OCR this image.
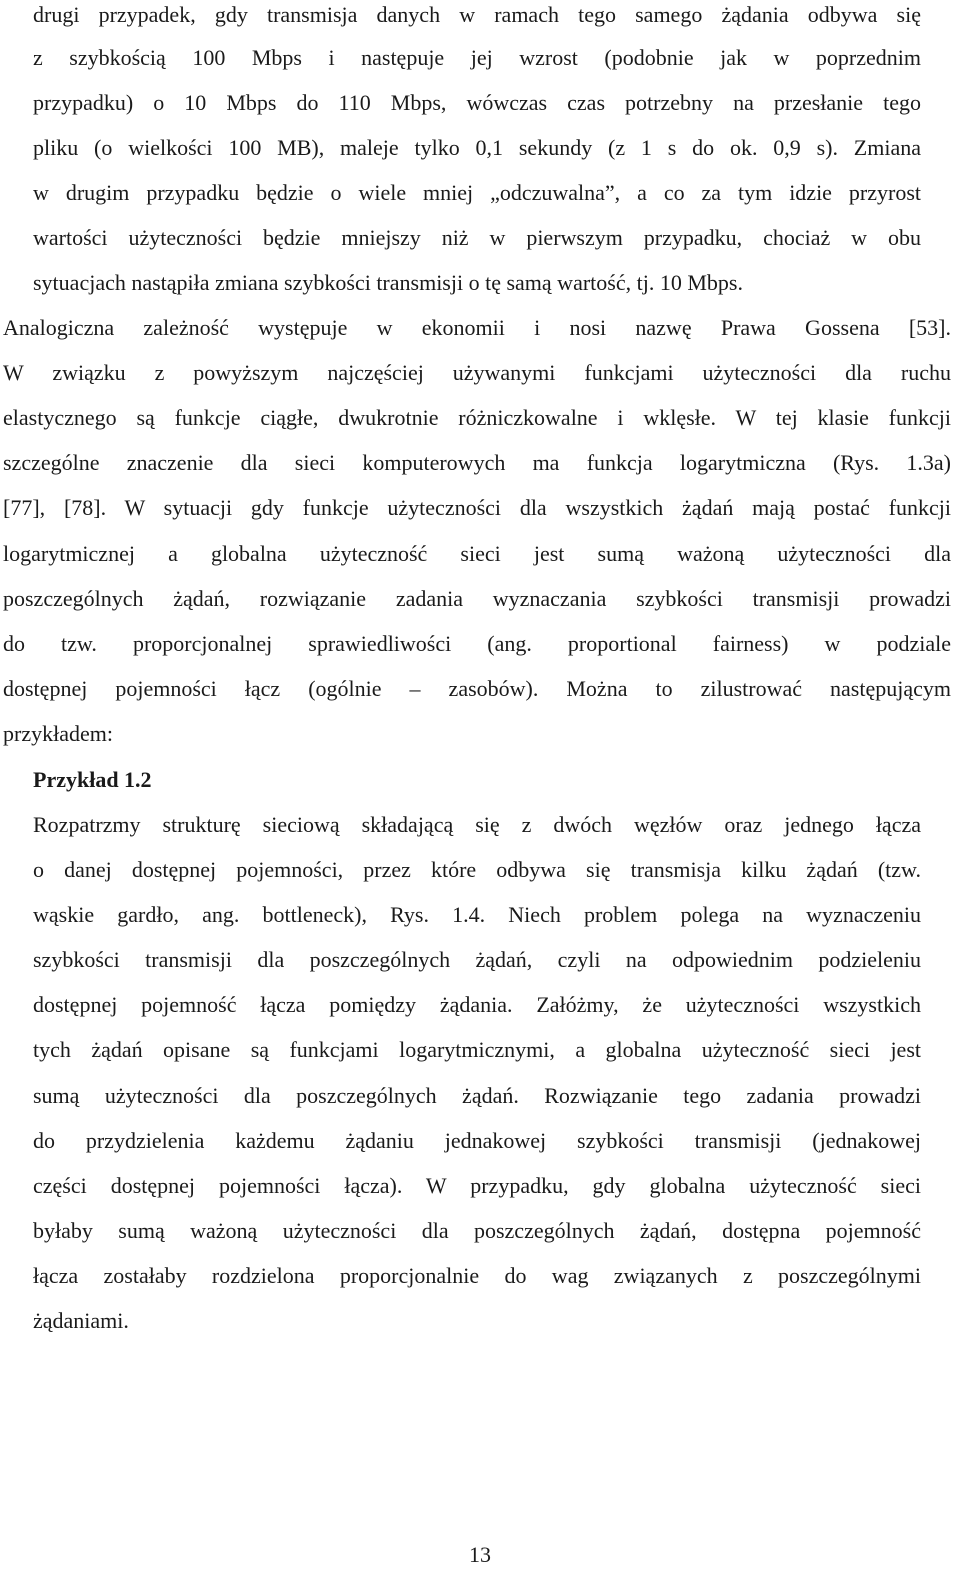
drugi przypadek, gdy transmisja danych w ramach tego samego żądania odbywa się
z szybkością 100 Mbps i następuje jej wzrost (podobnie jak w poprzednim
przypadku) o 10 Mbps do 110 Mbps, wówczas czas potrzebny na przesłanie tego
pliku (o wielkości 100 MB), maleje tylko 0,1 sekundy (z 1 s do ok. 0,9 s). Zmiana
w drugim przypadku będzie o wiele mniej „odczuwalna”, a co za tym idzie przyrost
wartości użyteczności będzie mniejszy niż w pierwszym przypadku, chociaż w obu
sytuacjach nastąpiła zmiana szybkości transmisji o tę samą wartość, tj. 10 Mbps.
Analogiczna zależność występuje w ekonomii i nosi nazwę Prawa Gossena [53].
W związku z powyższym najczęściej używanymi funkcjami użyteczności dla ruchu
elastycznego są funkcje ciągłe, dwukrotnie różniczkowalne i wklęsłe. W tej klasie funkcji
szczególne znaczenie dla sieci komputerowych ma funkcja logarytmiczna (Rys. 1.3a)
[77], [78]. W sytuacji gdy funkcje użyteczności dla wszystkich żądań mają postać funkcji
logarytmicznej a globalna użyteczność sieci jest sumą ważoną użyteczności dla
poszczególnych żądań, rozwiązanie zadania wyznaczania szybkości transmisji prowadzi
do tzw. proporcjonalnej sprawiedliwości (ang. proportional fairness) w podziale
dostępnej pojemności łącz (ogólnie – zasobów). Można to zilustrować następującym
przykładem:
Przykład 1.2
Rozpatrzmy strukturę sieciową składającą się z dwóch węzłów oraz jednego łącza
o danej dostępnej pojemności, przez które odbywa się transmisja kilku żądań (tzw.
wąskie gardło, ang. bottleneck), Rys. 1.4. Niech problem polega na wyznaczeniu
szybkości transmisji dla poszczególnych żądań, czyli na odpowiednim podzieleniu
dostępnej pojemność łącza pomiędzy żądania. Załóżmy, że użyteczności wszystkich
tych żądań opisane są funkcjami logarytmicznymi, a globalna użyteczność sieci jest
sumą użyteczności dla poszczególnych żądań. Rozwiązanie tego zadania prowadzi
do przydzielenia każdemu żądaniu jednakowej szybkości transmisji (jednakowej
części dostępnej pojemności łącza). W przypadku, gdy globalna użyteczność sieci
byłaby sumą ważoną użyteczności dla poszczególnych żądań, dostępna pojemność
łącza zostałaby rozdzielona proporcjonalnie do wag związanych z poszczególnymi
żądaniami.
13
